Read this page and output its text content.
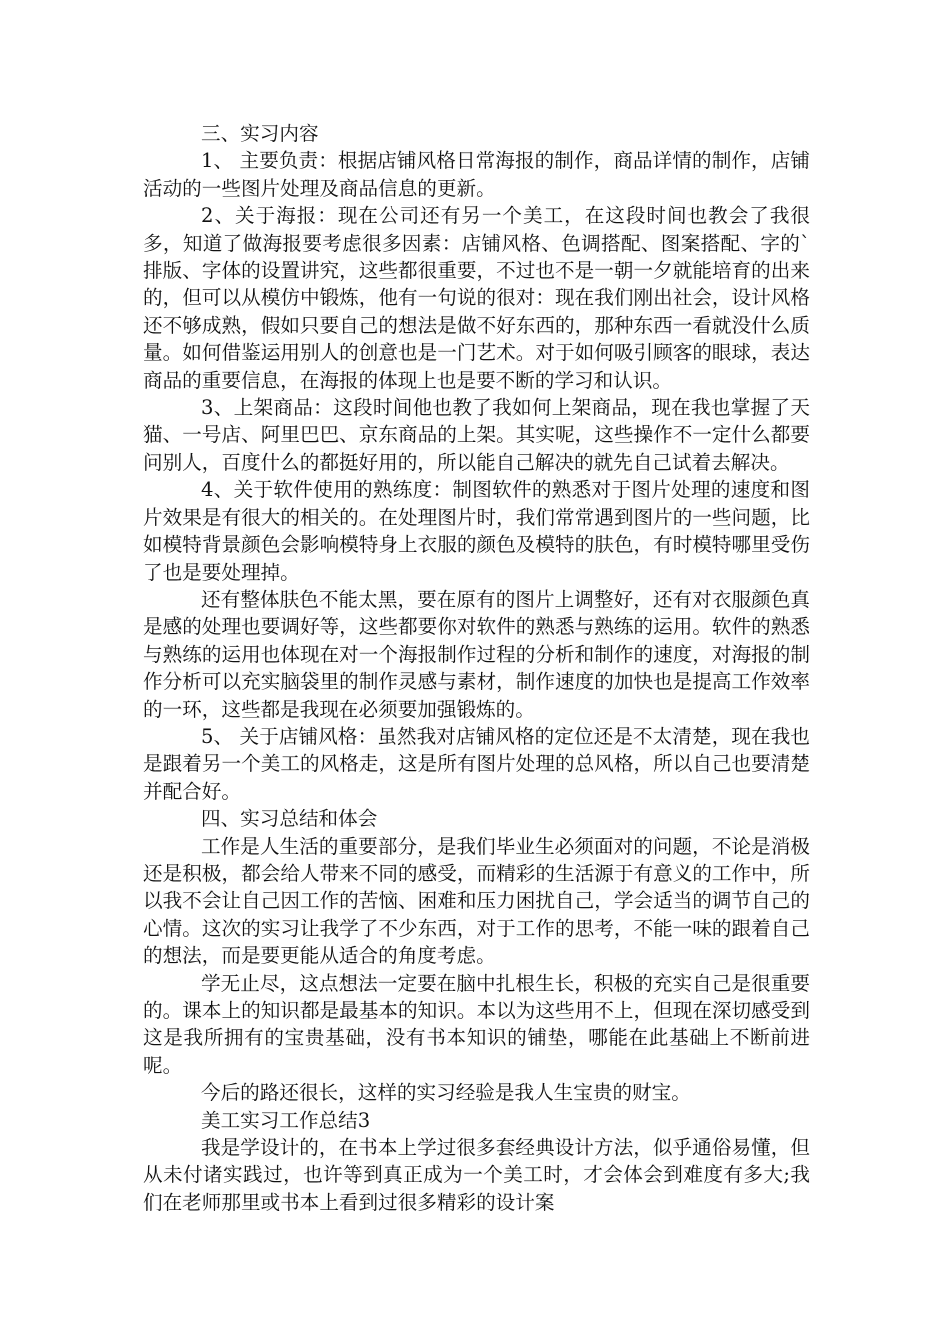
三、实习内容

1、 主要负责：根据店铺风格日常海报的制作，商品详情的制作，店铺活动的一些图片处理及商品信息的更新。

2、关于海报：现在公司还有另一个美工，在这段时间也教会了我很多，知道了做海报要考虑很多因素：店铺风格、色调搭配、图案搭配、字的`排版、字体的设置讲究，这些都很重要，不过也不是一朝一夕就能培育的出来的，但可以从模仿中锻炼，他有一句说的很对：现在我们刚出社会，设计风格还不够成熟，假如只要自己的想法是做不好东西的，那种东西一看就没什么质量。如何借鉴运用别人的创意也是一门艺术。对于如何吸引顾客的眼球，表达商品的重要信息，在海报的体现上也是要不断的学习和认识。

3、上架商品：这段时间他也教了我如何上架商品，现在我也掌握了天猫、一号店、阿里巴巴、京东商品的上架。其实呢，这些操作不一定什么都要问别人，百度什么的都挺好用的，所以能自己解决的就先自己试着去解决。

4、关于软件使用的熟练度：制图软件的熟悉对于图片处理的速度和图片效果是有很大的相关的。在处理图片时，我们常常遇到图片的一些问题，比如模特背景颜色会影响模特身上衣服的颜色及模特的肤色，有时模特哪里受伤了也是要处理掉。

还有整体肤色不能太黑，要在原有的图片上调整好，还有对衣服颜色真是感的处理也要调好等，这些都要你对软件的熟悉与熟练的运用。软件的熟悉与熟练的运用也体现在对一个海报制作过程的分析和制作的速度，对海报的制作分析可以充实脑袋里的制作灵感与素材，制作速度的加快也是提高工作效率的一环，这些都是我现在必须要加强锻炼的。

5、 关于店铺风格：虽然我对店铺风格的定位还是不太清楚，现在我也是跟着另一个美工的风格走，这是所有图片处理的总风格，所以自己也要清楚并配合好。

四、实习总结和体会

工作是人生活的重要部分，是我们毕业生必须面对的问题，不论是消极还是积极，都会给人带来不同的感受，而精彩的生活源于有意义的工作中，所以我不会让自己因工作的苦恼、困难和压力困扰自己，学会适当的调节自己的心情。这次的实习让我学了不少东西，对于工作的思考，不能一味的跟着自己的想法，而是要更能从适合的角度考虑。

学无止尽，这点想法一定要在脑中扎根生长，积极的充实自己是很重要的。课本上的知识都是最基本的知识。本以为这些用不上，但现在深切感受到这是我所拥有的宝贵基础，没有书本知识的铺垫，哪能在此基础上不断前进呢。

今后的路还很长，这样的实习经验是我人生宝贵的财宝。

美工实习工作总结3

我是学设计的，在书本上学过很多套经典设计方法，似乎通俗易懂，但从未付诸实践过，也许等到真正成为一个美工时，才会体会到难度有多大;我们在老师那里或书本上看到过很多精彩的设计案
